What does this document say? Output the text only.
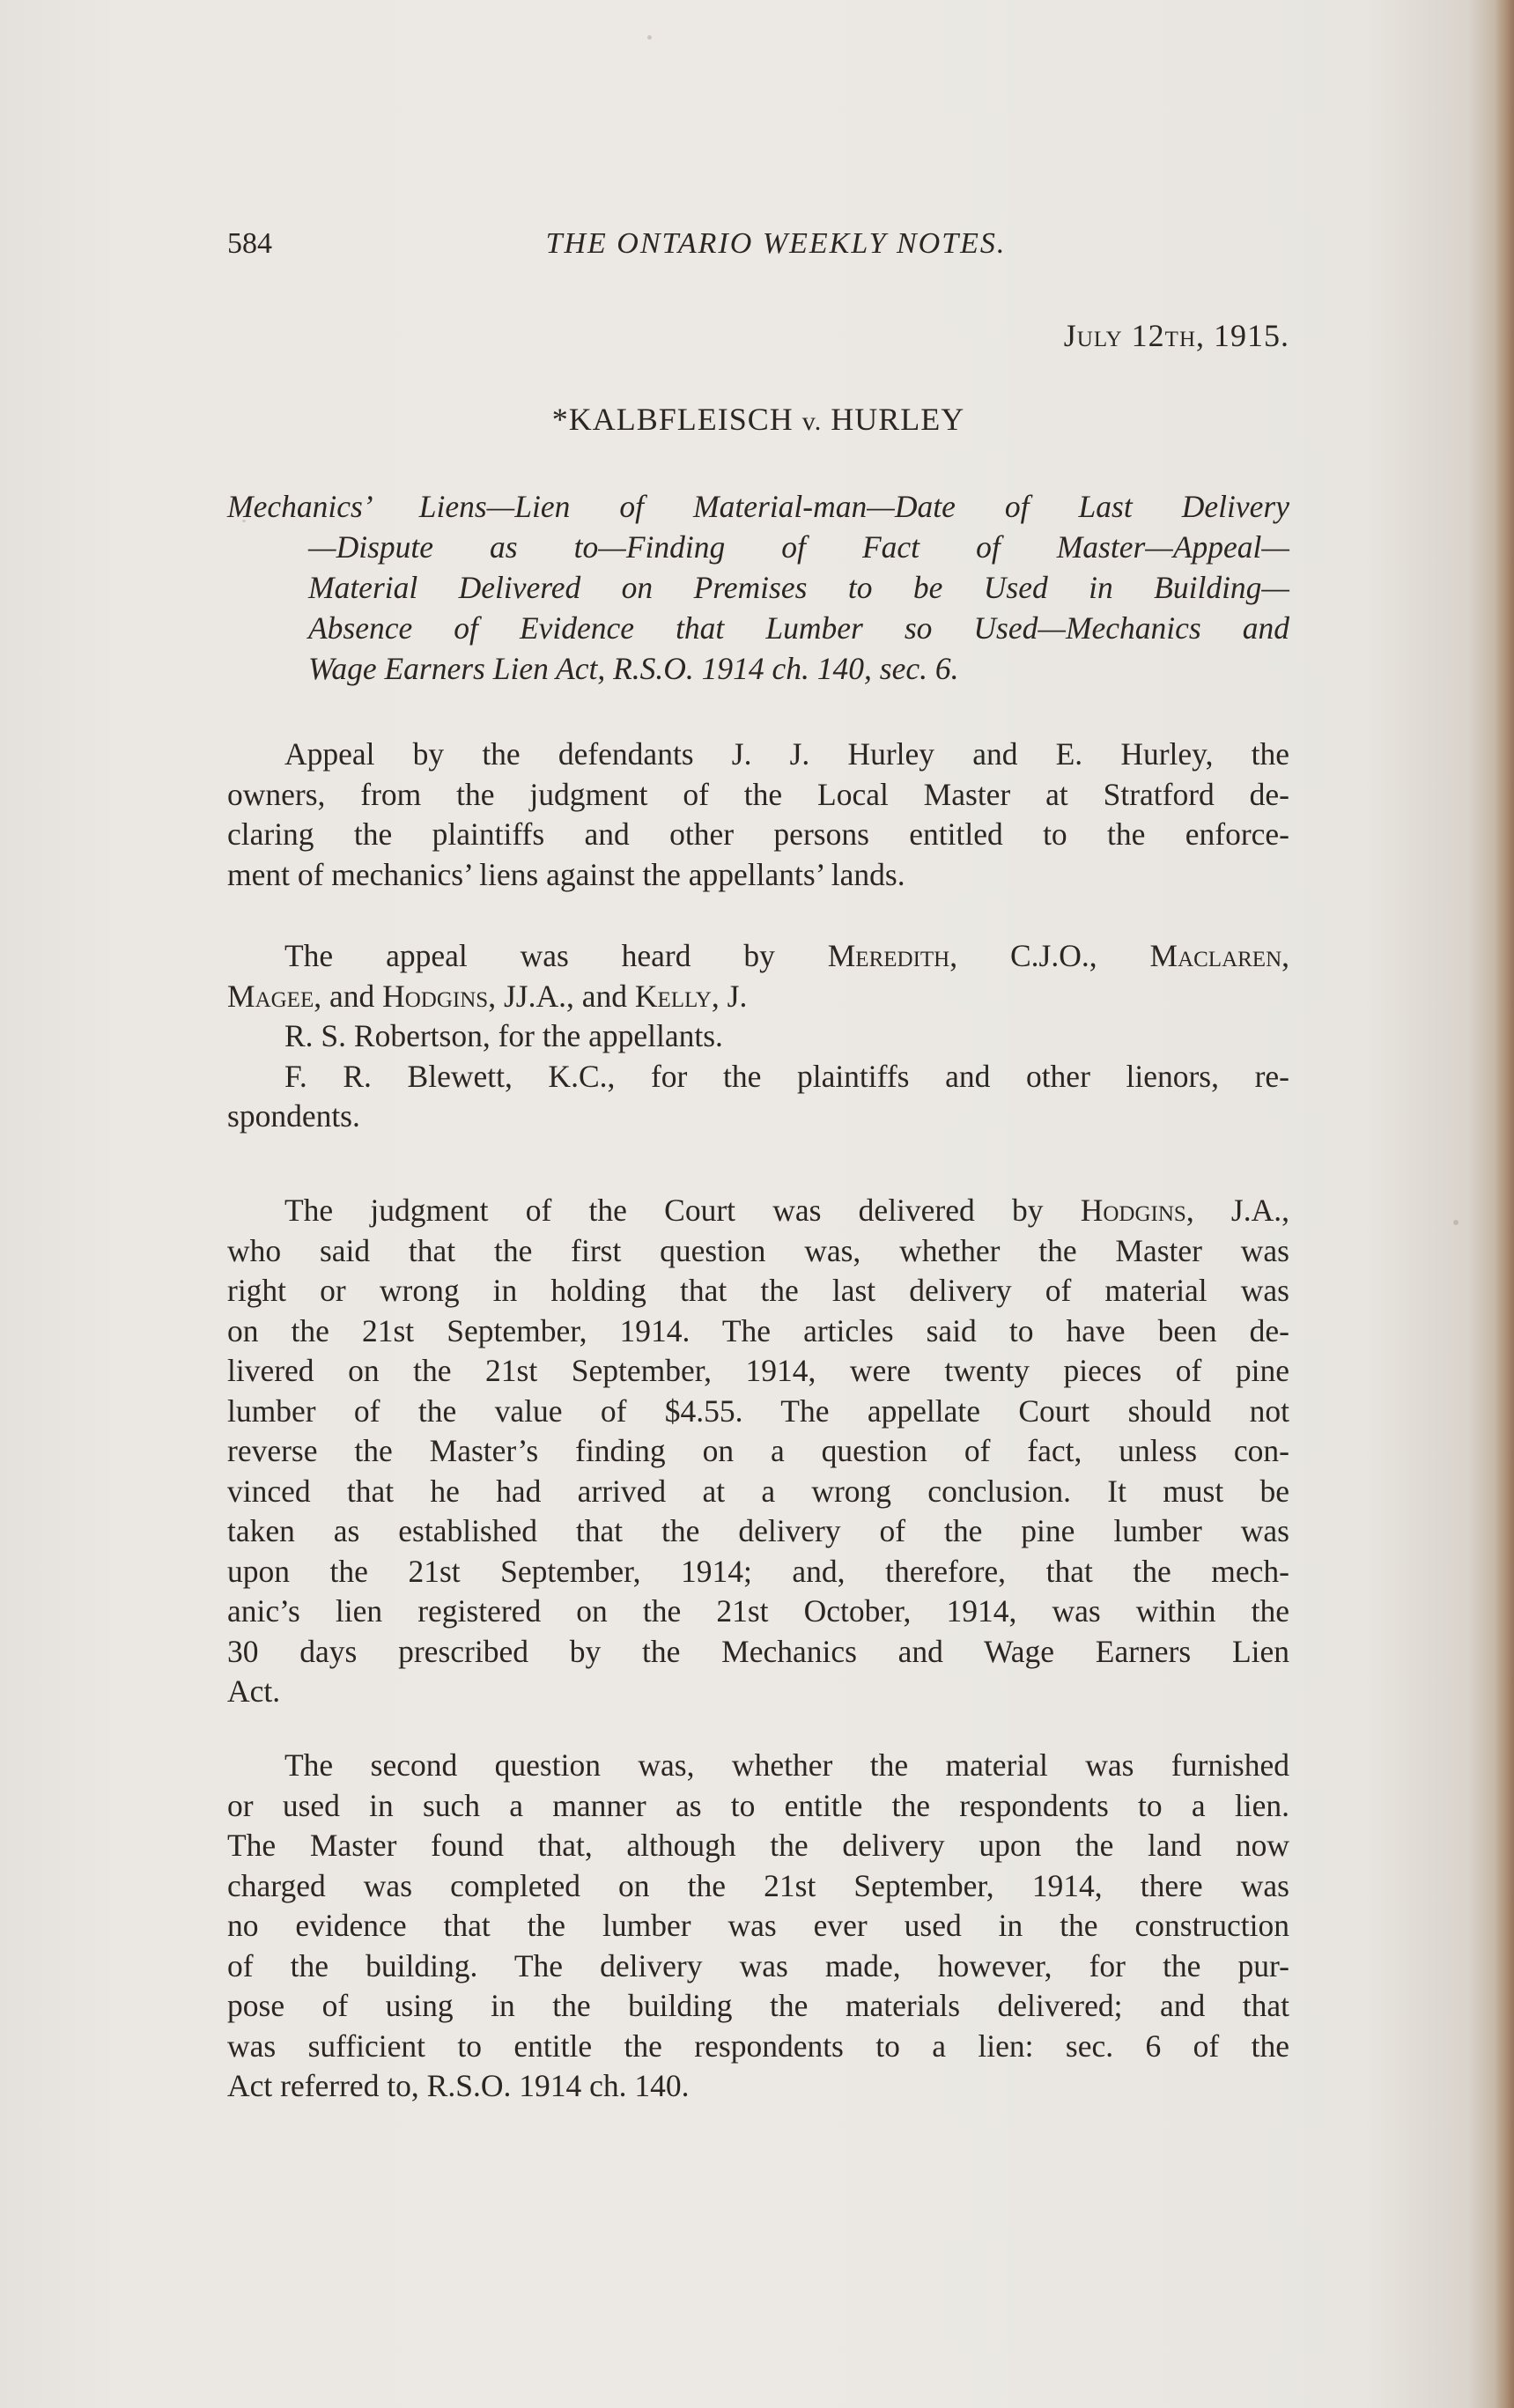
584	THE ONTARIO WEEKLY NOTES.
July 12th, 1915.
*KALBFLEISCH v. HURLEY
Mechanics’ Liens—Lien of Material-man—Date of Last Delivery
—Dispute as to—Finding of Fact of Master—Appeal—
Material Delivered on Premises to be Used in Building—
Absence of Evidence that Lumber so Used—Mechanics and
Wage Earners Lien Act, R.S.O. 1914 ch. 140, sec. 6.

Appeal by the defendants J. J. Hurley and E. Hurley, the
owners, from the judgment of the Local Master at Stratford de-
claring the plaintiffs and other persons entitled to the enforce-
ment of mechanics’ liens against the appellants’ lands.

The appeal was heard by Meredith, C.J.O., Maclaren,
Magee, and Hodgins, JJ.A., and Kelly, J.
R. S. Robertson, for the appellants.
F. R. Blewett, K.C., for the plaintiffs and other lienors, re-
spondents.

The judgment of the Court was delivered by Hodgins, J.A.,
who said that the first question was, whether the Master was
right or wrong in holding that the last delivery of material was
on the 21st September, 1914. The articles said to have been de-
livered on the 21st September, 1914, were twenty pieces of pine
lumber of the value of $4.55. The appellate Court should not
reverse the Master’s finding on a question of fact, unless con-
vinced that he had arrived at a wrong conclusion. It must be
taken as established that the delivery of the pine lumber was
upon the 21st September, 1914; and, therefore, that the mech-
anic’s lien registered on the 21st October, 1914, was within the
30 days prescribed by the Mechanics and Wage Earners Lien
Act.

The second question was, whether the material was furnished
or used in such a manner as to entitle the respondents to a lien.
The Master found that, although the delivery upon the land now
charged was completed on the 21st September, 1914, there was
no evidence that the lumber was ever used in the construction
of the building. The delivery was made, however, for the pur-
pose of using in the building the materials delivered; and that
was sufficient to entitle the respondents to a lien: sec. 6 of the
Act referred to, R.S.O. 1914 ch. 140.
